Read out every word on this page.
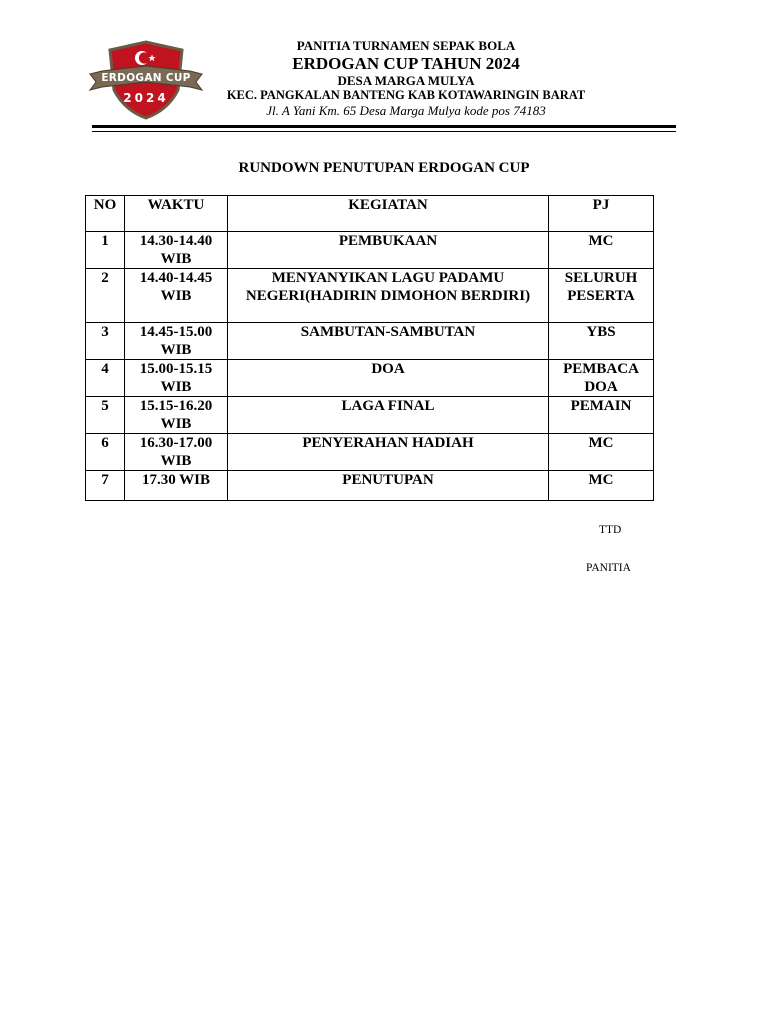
ERDOGAN CUP
2024
PANITIA TURNAMEN SEPAK BOLA
ERDOGAN CUP TAHUN 2024
DESA MARGA MULYA
KEC. PANGKALAN BANTENG KAB KOTAWARINGIN BARAT
Jl. A Yani Km. 65 Desa Marga Mulya kode pos 74183
RUNDOWN PENUTUPAN ERDOGAN CUP
NO	WAKTU	KEGIATAN	PJ
1	14.30-14.40 WIB	PEMBUKAAN	MC
2	14.40-14.45 WIB	MENYANYIKAN LAGU PADAMU NEGERI(HADIRIN DIMOHON BERDIRI)	SELURUH PESERTA
3	14.45-15.00 WIB	SAMBUTAN-SAMBUTAN	YBS
4	15.00-15.15 WIB	DOA	PEMBACA DOA
5	15.15-16.20 WIB	LAGA FINAL	PEMAIN
6	16.30-17.00 WIB	PENYERAHAN HADIAH	MC
7	17.30 WIB	PENUTUPAN	MC
TTD
PANITIA
